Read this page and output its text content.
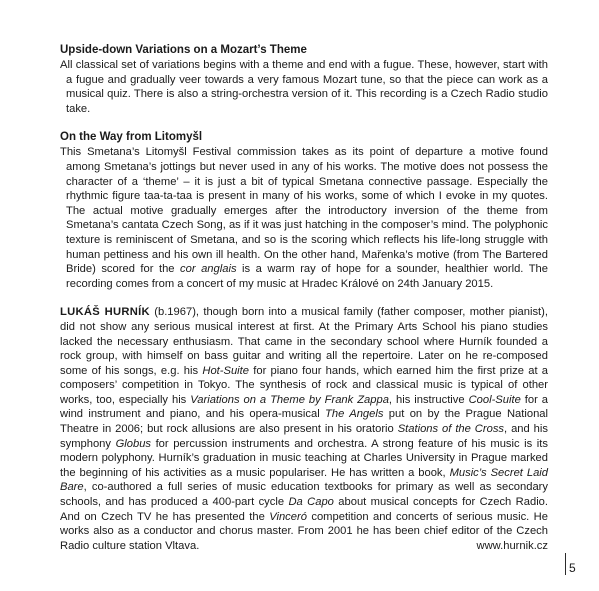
Upside-down Variations on a Mozart’s Theme

All classical set of variations begins with a theme and end with a fugue. These, however, start with a fugue and gradually veer towards a very famous Mozart tune, so that the piece can work as a musical quiz. There is also a string-orchestra version of it. This recording is a Czech Radio studio take.

On the Way from Litomyšl

This Smetana’s Litomyšl Festival commission takes as its point of departure a motive found among Smetana’s jottings but never used in any of his works. The motive does not possess the character of a ‘theme’ – it is just a bit of typical Smetana connective passage. Especially the rhythmic figure taa-ta-taa is present in many of his works, some of which I evoke in my quotes. The actual motive gradually emerges after the introductory inversion of the theme from Smetana’s cantata Czech Song, as if it was just hatching in the composer’s mind. The polyphonic texture is reminiscent of Smetana, and so is the scoring which reflects his life-long struggle with human pettiness and his own ill health. On the other hand, Mařenka’s motive (from The Bartered Bride) scored for the cor anglais is a warm ray of hope for a sounder, healthier world. The recording comes from a concert of my music at Hradec Králové on 24th January 2015.

LUKÁŠ HURNÍK (b.1967), though born into a musical family (father composer, mother pianist), did not show any serious musical interest at first. At the Primary Arts School his piano studies lacked the necessary enthusiasm. That came in the secondary school where Hurník founded a rock group, with himself on bass guitar and writing all the repertoire. Later on he re-composed some of his songs, e.g. his Hot-Suite for piano four hands, which earned him the first prize at a composers’ competition in Tokyo. The synthesis of rock and classical music is typical of other works, too, especially his Variations on a Theme by Frank Zappa, his instructive Cool-Suite for a wind instrument and piano, and his opera-musical The Angels put on by the Prague National Theatre in 2006; but rock allusions are also present in his oratorio Stations of the Cross, and his symphony Globus for percussion instruments and orchestra. A strong feature of his music is its modern polyphony. Hurník’s graduation in music teaching at Charles University in Prague marked the beginning of his activities as a music populariser. He has written a book, Music’s Secret Laid Bare, co-authored a full series of music education textbooks for primary as well as secondary schools, and has produced a 400-part cycle Da Capo about musical concepts for Czech Radio. And on Czech TV he has presented the Vinceró competition and concerts of serious music. He works also as a conductor and chorus master. From 2001 he has been chief editor of the Czech Radio culture station Vltava.	www.hurnik.cz

5
